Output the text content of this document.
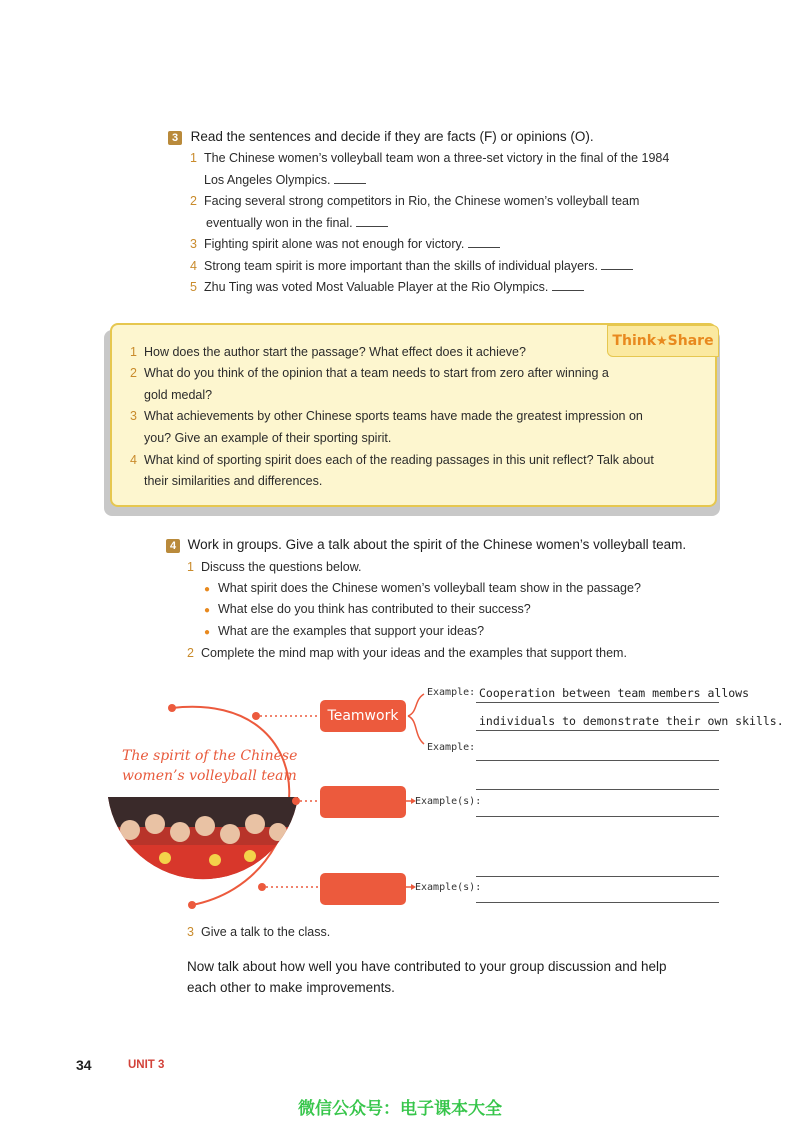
3 Read the sentences and decide if they are facts (F) or opinions (O).
1 The Chinese women’s volleyball team won a three-set victory in the final of the 1984
Los Angeles Olympics.
2 Facing several strong competitors in Rio, the Chinese women’s volleyball team
eventually won in the final.
3 Fighting spirit alone was not enough for victory.
4 Strong team spirit is more important than the skills of individual players.
5 Zhu Ting was voted Most Valuable Player at the Rio Olympics.
Think★Share
1 How does the author start the passage? What effect does it achieve?
2 What do you think of the opinion that a team needs to start from zero after winning a
gold medal?
3 What achievements by other Chinese sports teams have made the greatest impression on
you? Give an example of their sporting spirit.
4 What kind of sporting spirit does each of the reading passages in this unit reflect? Talk about
their similarities and differences.
4 Work in groups. Give a talk about the spirit of the Chinese women’s volleyball team.
1 Discuss the questions below.
● What spirit does the Chinese women’s volleyball team show in the passage?
● What else do you think has contributed to their success?
● What are the examples that support your ideas?
2 Complete the mind map with your ideas and the examples that support them.
The spirit of the Chinese
women’s volleyball team
Teamwork
Example: Cooperation between team members allows
individuals to demonstrate their own skills.
Example:
Example(s):
Example(s):
3 Give a talk to the class.
Now talk about how well you have contributed to your group discussion and help
each other to make improvements.
34	UNIT 3
微信公众号：电子课本大全
